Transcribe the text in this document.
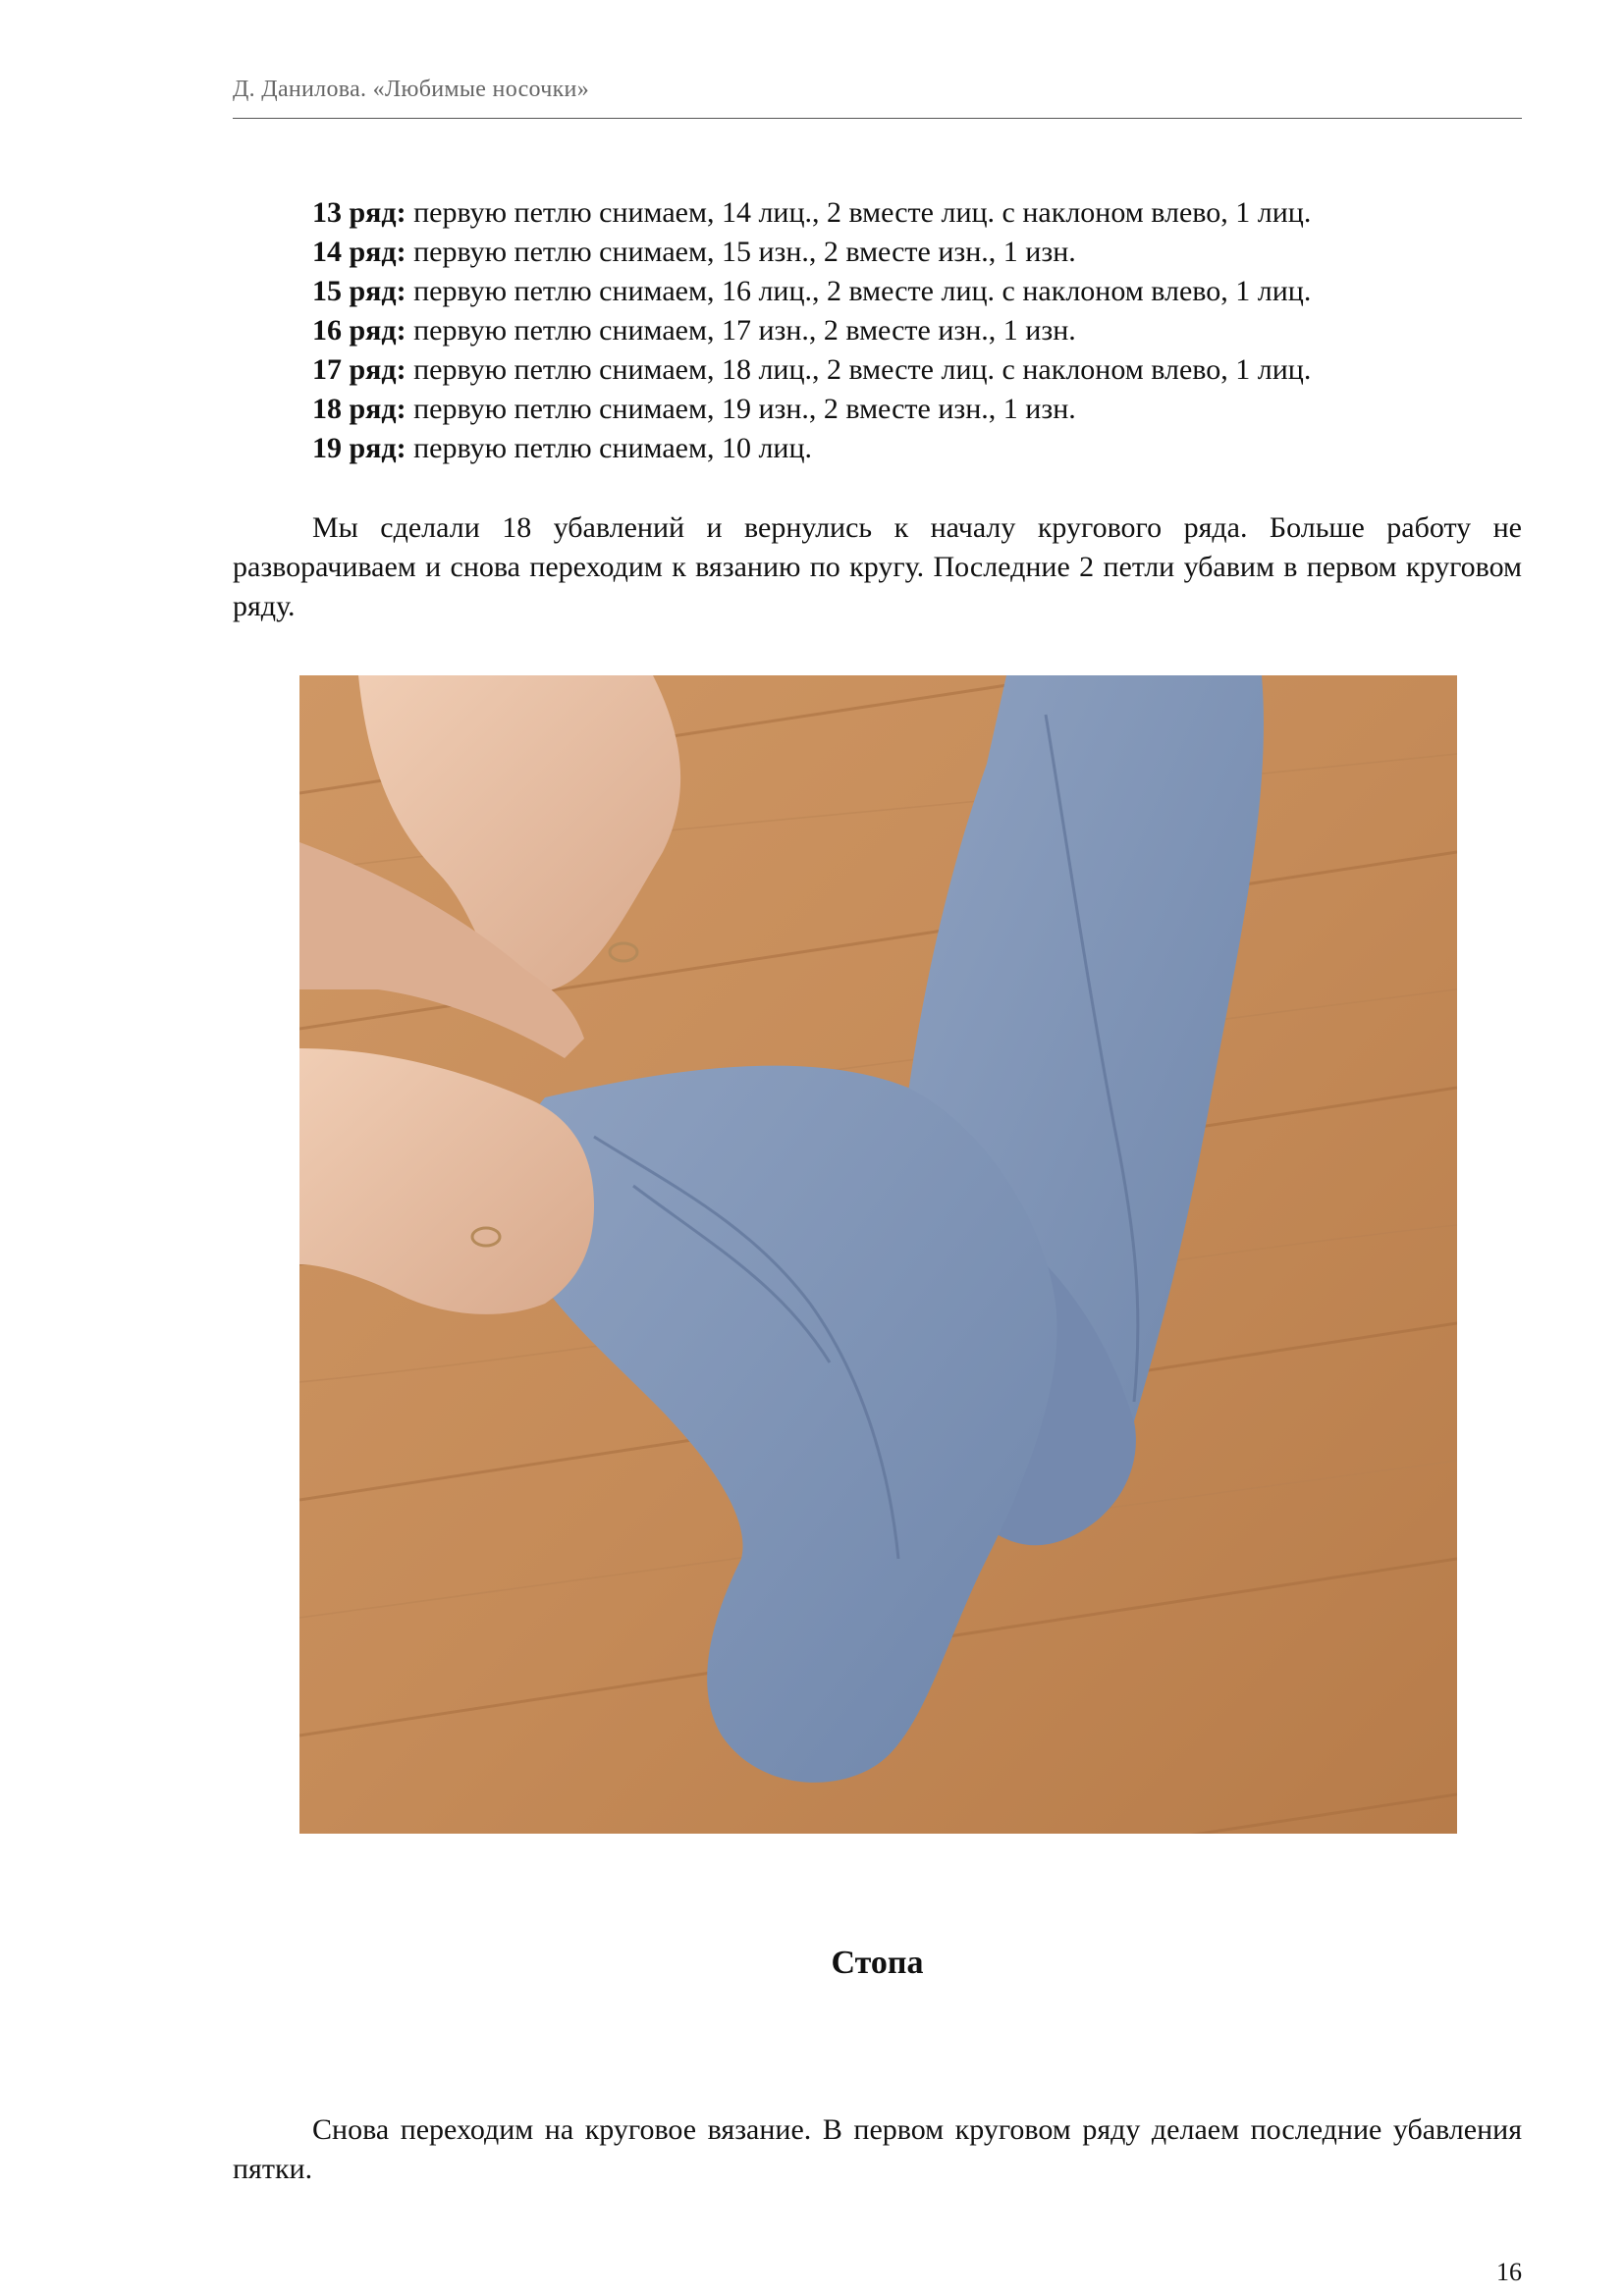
Д. Данилова. «Любимые носочки»
13 ряд: первую петлю снимаем, 14 лиц., 2 вместе лиц. с наклоном влево, 1 лиц.
14 ряд: первую петлю снимаем, 15 изн., 2 вместе изн., 1 изн.
15 ряд: первую петлю снимаем, 16 лиц., 2 вместе лиц. с наклоном влево, 1 лиц.
16 ряд: первую петлю снимаем, 17 изн., 2 вместе изн., 1 изн.
17 ряд: первую петлю снимаем, 18 лиц., 2 вместе лиц. с наклоном влево, 1 лиц.
18 ряд: первую петлю снимаем, 19 изн., 2 вместе изн., 1 изн.
19 ряд: первую петлю снимаем, 10 лиц.

Мы сделали 18 убавлений и вернулись к началу кругового ряда. Больше работу не разворачиваем и снова переходим к вязанию по кругу. Последние 2 петли убавим в первом круговом ряду.

Стопа

Снова переходим на круговое вязание. В первом круговом ряду делаем последние убавления пятки.

16
